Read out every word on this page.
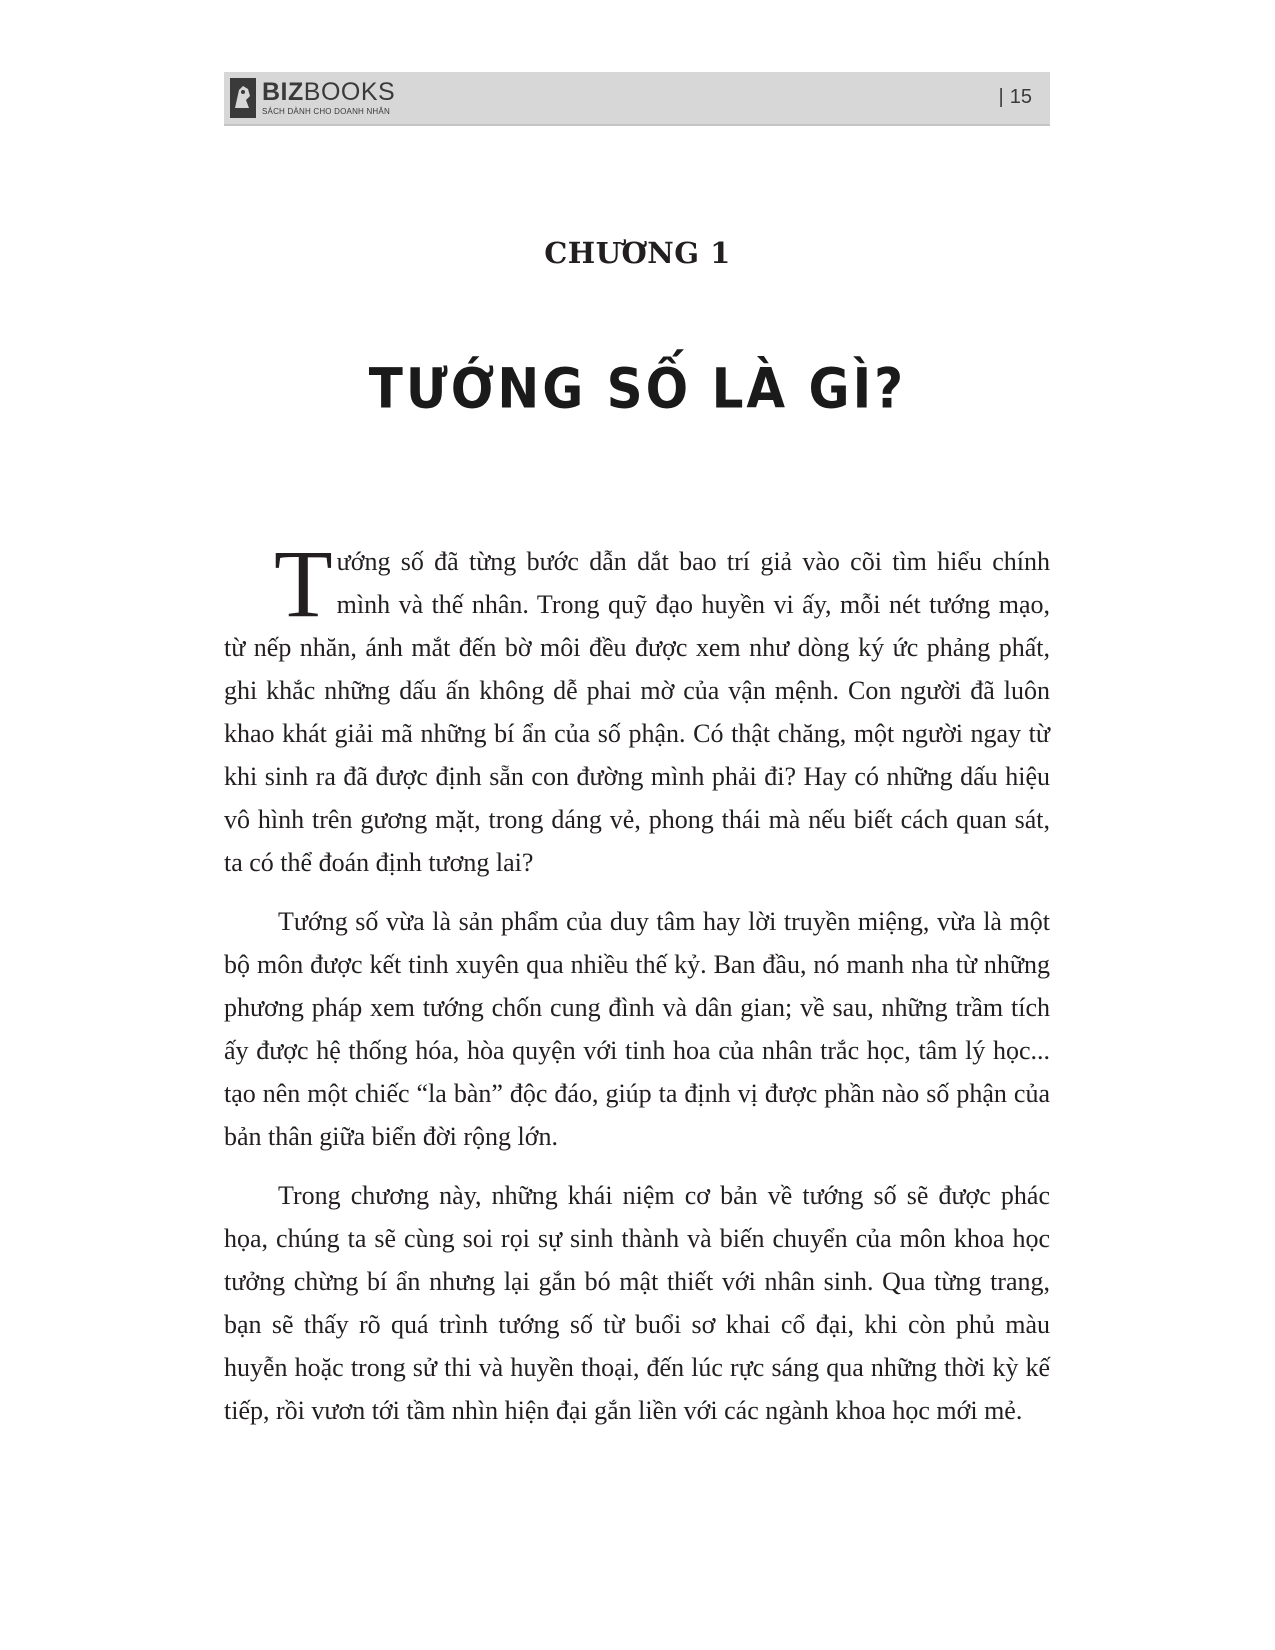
BIZBOOKS
SÁCH DÀNH CHO DOANH NHÂN
| 15
CHƯƠNG 1
TƯỚNG SỐ LÀ GÌ?

Tướng số đã từng bước dẫn dắt bao trí giả vào cõi tìm hiểu chính mình và thế nhân. Trong quỹ đạo huyền vi ấy, mỗi nét tướng mạo, từ nếp nhăn, ánh mắt đến bờ môi đều được xem như dòng ký ức phảng phất, ghi khắc những dấu ấn không dễ phai mờ của vận mệnh. Con người đã luôn khao khát giải mã những bí ẩn của số phận. Có thật chăng, một người ngay từ khi sinh ra đã được định sẵn con đường mình phải đi? Hay có những dấu hiệu vô hình trên gương mặt, trong dáng vẻ, phong thái mà nếu biết cách quan sát, ta có thể đoán định tương lai?

Tướng số vừa là sản phẩm của duy tâm hay lời truyền miệng, vừa là một bộ môn được kết tinh xuyên qua nhiều thế kỷ. Ban đầu, nó manh nha từ những phương pháp xem tướng chốn cung đình và dân gian; về sau, những trầm tích ấy được hệ thống hóa, hòa quyện với tinh hoa của nhân trắc học, tâm lý học... tạo nên một chiếc “la bàn” độc đáo, giúp ta định vị được phần nào số phận của bản thân giữa biển đời rộng lớn.

Trong chương này, những khái niệm cơ bản về tướng số sẽ được phác họa, chúng ta sẽ cùng soi rọi sự sinh thành và biến chuyển của môn khoa học tưởng chừng bí ẩn nhưng lại gắn bó mật thiết với nhân sinh. Qua từng trang, bạn sẽ thấy rõ quá trình tướng số từ buổi sơ khai cổ đại, khi còn phủ màu huyễn hoặc trong sử thi và huyền thoại, đến lúc rực sáng qua những thời kỳ kế tiếp, rồi vươn tới tầm nhìn hiện đại gắn liền với các ngành khoa học mới mẻ.
